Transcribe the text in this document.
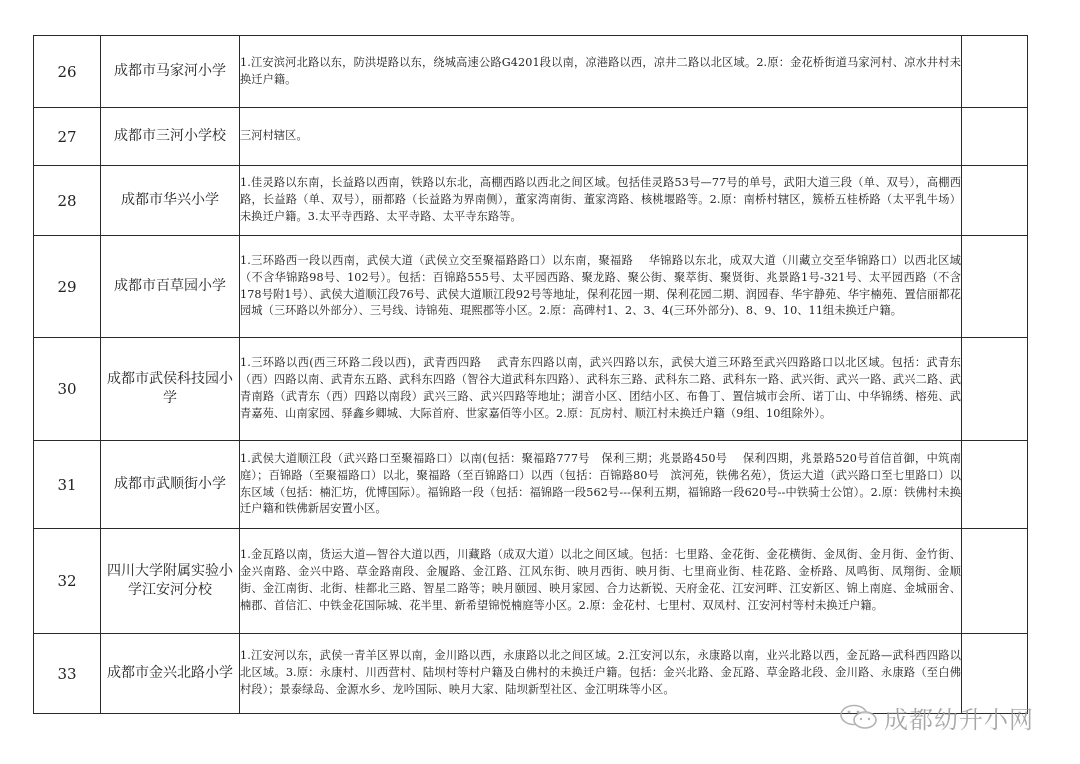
26	成都市马家河小学	1.江安滨河北路以东，防洪堤路以东，绕城高速公路G4201段以南，凉港路以西，凉井二路以北区域。2.原：金花桥街道马家河村、凉水井村未换迁户籍。	
27	成都市三河小学校	三河村辖区。	
28	成都市华兴小学	1.佳灵路以东南，长益路以西南，铁路以东北，高棚西路以西北之间区域。包括佳灵路53号—77号的单号，武阳大道三段（单、双号），高棚西路，长益路（单、双号），丽都路（长益路为界南侧），董家湾南街、董家湾路、核桃堰路等。2.原：南桥村辖区，簇桥五桂桥路（太平乳牛场）未换迁户籍。3.太平寺西路、太平寺路、太平寺东路等。	
29	成都市百草园小学	1.三环路西一段以西南，武侯大道（武侯立交至聚福路路口）以东南，聚福路　 华锦路以东北，成双大道（川藏立交至华锦路口）以西北区域（不含华锦路98号、102号）。包括：百锦路555号、太平园西路、聚龙路、聚公街、聚萃街、聚贤街、兆景路1号-321号、太平园西路（不含178号附1号）、武侯大道顺江段76号、武侯大道顺江段92号等地址，保利花园一期、保利花园二期、润园春、华宇静苑、华宇楠苑、置信丽都花园城（三环路以外部分）、三号线、诗锦苑、琨熙郡等小区。2.原：高碑村1、2、3、4(三环外部分)、8、9、10、11组未换迁户籍。	
30	成都市武侯科技园小学	1.三环路以西(西三环路二段以西)，武青西四路　 武青东四路以南，武兴四路以东，武侯大道三环路至武兴四路路口以北区域。包括：武青东（西）四路以南、武青东五路、武科东四路（智谷大道武科东四路）、武科东三路、武科东二路、武科东一路、武兴街、武兴一路、武兴二路、武青南路（武青东（西）四路以南段）武兴三路、武兴四路等地址；湖音小区、团结小区、布鲁丁、置信城市会所、诺丁山、中华锦绣、榕苑、武青嘉苑、山南家园、驿鑫乡卿城、大际首府、世家嘉佰等小区。2.原：瓦房村、顺江村未换迁户籍（9组、10组除外）。	
31	成都市武顺街小学	1.武侯大道顺江段（武兴路口至聚福路口）以南(包括：聚福路777号　保利三期；兆景路450号　 保利四期，兆景路520号首信首御，中筑南庭）；百锦路（至聚福路口）以北，聚福路（至百锦路口）以西（包括：百锦路80号　滨河苑，铁佛名苑），货运大道（武兴路口至七里路口）以东区域（包括：楠汇坊，优博国际）。福锦路一段（包括：福锦路一段562号---保利五期，福锦路一段620号--中铁骑士公馆）。2.原：铁佛村未换迁户籍和铁佛新居安置小区。	
32	四川大学附属实验小学江安河分校	1.金瓦路以南，货运大道—智谷大道以西，川藏路（成双大道）以北之间区域。包括：七里路、金花街、金花横街、金凤街、金月街、金竹街、金兴南路、金兴中路、草金路南段、金履路、金江路、江风东街、映月西街、映月街、七里商业街、桂花路、金桥路、凤鸣街、凤翔街、金顺街、金江南街、北街、桂都北三路、智星二路等；映月颐园、映月家园、合力达新锐、天府金花、江安河畔、江安新区、锦上南庭、金城丽舍、楠郡、首信汇、中铁金花国际城、花半里、新希望锦悦楠庭等小区。2.原：金花村、七里村、双凤村、江安河村等村未换迁户籍。	
33	成都市金兴北路小学	1.江安河以东，武侯一青羊区界以南，金川路以西，永康路以北之间区域。2.江安河以东，永康路以南，业兴北路以西，金瓦路—武科西四路以北区域。3.原：永康村、川西营村、陆坝村等村户籍及白佛村的未换迁户籍。包括：金兴北路、金瓦路、草金路北段、金川路、永康路（至白佛村段）；景泰绿岛、金源水乡、龙吟国际、映月大家、陆坝新型社区、金江明珠等小区。	
成都幼升小网
